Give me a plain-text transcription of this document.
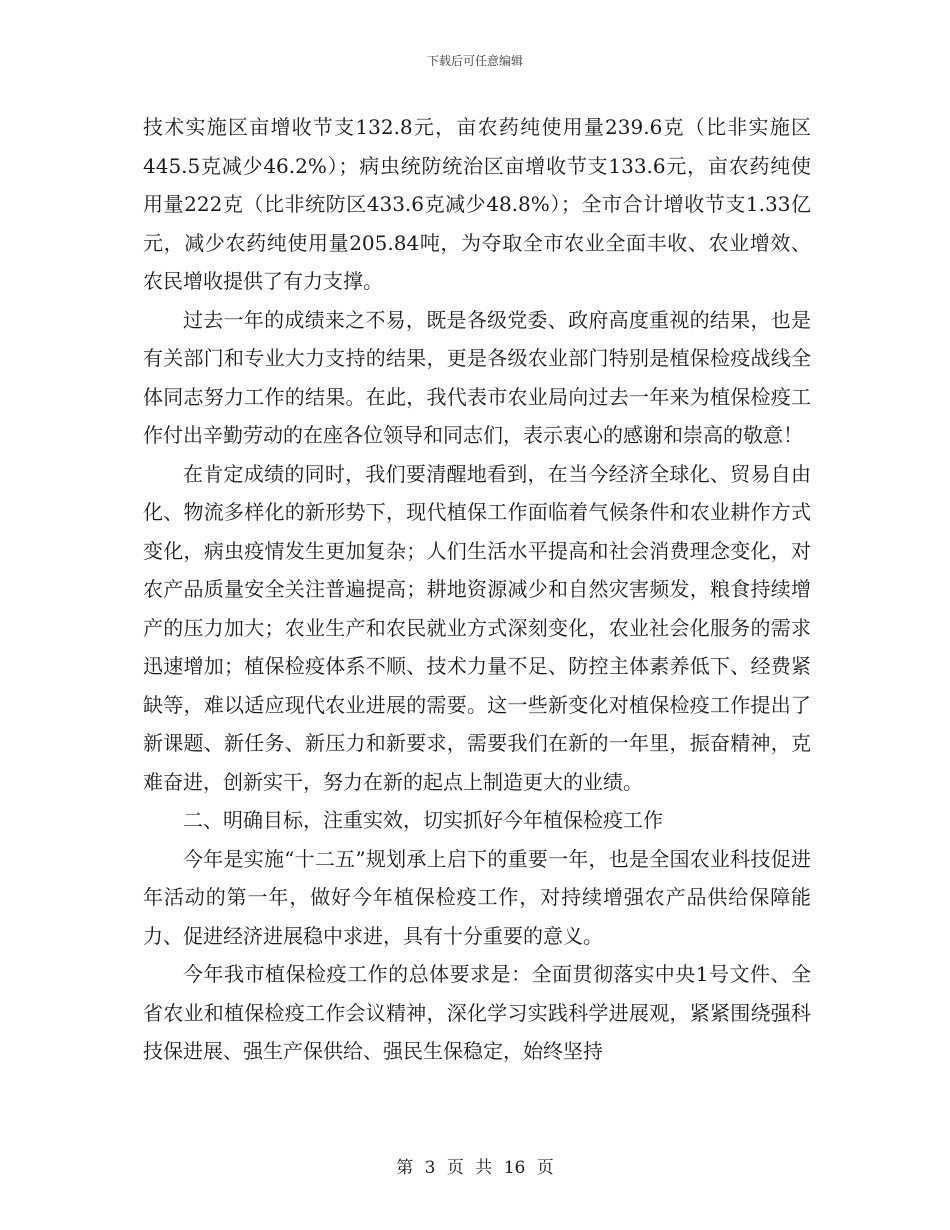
下载后可任意编辑

技术实施区亩增收节支132.8元，亩农药纯使用量239.6克（比非实施区445.5克减少46.2%）；病虫统防统治区亩增收节支133.6元，亩农药纯使用量222克（比非统防区433.6克减少48.8%）；全市合计增收节支1.33亿元，减少农药纯使用量205.84吨，为夺取全市农业全面丰收、农业增效、农民增收提供了有力支撑。

过去一年的成绩来之不易，既是各级党委、政府高度重视的结果，也是有关部门和专业大力支持的结果，更是各级农业部门特别是植保检疫战线全体同志努力工作的结果。在此，我代表市农业局向过去一年来为植保检疫工作付出辛勤劳动的在座各位领导和同志们，表示衷心的感谢和崇高的敬意！

在肯定成绩的同时，我们要清醒地看到，在当今经济全球化、贸易自由化、物流多样化的新形势下，现代植保工作面临着气候条件和农业耕作方式变化，病虫疫情发生更加复杂；人们生活水平提高和社会消费理念变化，对农产品质量安全关注普遍提高；耕地资源减少和自然灾害频发，粮食持续增产的压力加大；农业生产和农民就业方式深刻变化，农业社会化服务的需求迅速增加；植保检疫体系不顺、技术力量不足、防控主体素养低下、经费紧缺等，难以适应现代农业进展的需要。这一些新变化对植保检疫工作提出了新课题、新任务、新压力和新要求，需要我们在新的一年里，振奋精神，克难奋进，创新实干，努力在新的起点上制造更大的业绩。

二、明确目标，注重实效，切实抓好今年植保检疫工作

今年是实施“十二五”规划承上启下的重要一年，也是全国农业科技促进年活动的第一年，做好今年植保检疫工作，对持续增强农产品供给保障能力、促进经济进展稳中求进，具有十分重要的意义。

今年我市植保检疫工作的总体要求是：全面贯彻落实中央1号文件、全省农业和植保检疫工作会议精神，深化学习实践科学进展观，紧紧围绕强科技保进展、强生产保供给、强民生保稳定，始终坚持

第 3 页 共 16 页
